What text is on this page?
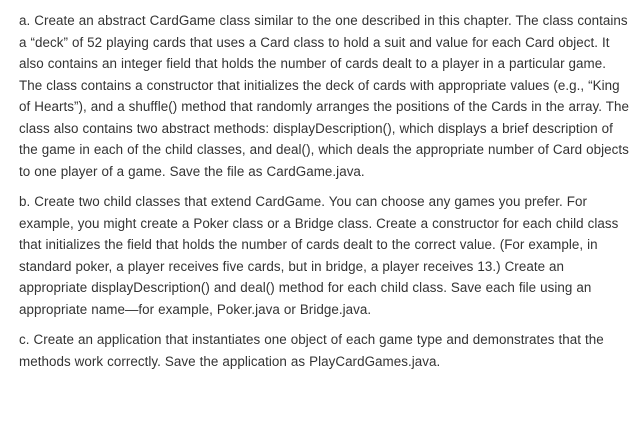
a. Create an abstract CardGame class similar to the one described in this chapter. The class contains a “deck” of 52 playing cards that uses a Card class to hold a suit and value for each Card object. It also contains an integer field that holds the number of cards dealt to a player in a particular game. The class contains a constructor that initializes the deck of cards with appropriate values (e.g., “King of Hearts”), and a shuffle() method that randomly arranges the positions of the Cards in the array. The class also contains two abstract methods: displayDescription(), which displays a brief description of the game in each of the child classes, and deal(), which deals the appropriate number of Card objects to one player of a game. Save the file as CardGame.java.

b. Create two child classes that extend CardGame. You can choose any games you prefer. For example, you might create a Poker class or a Bridge class. Create a constructor for each child class that initializes the field that holds the number of cards dealt to the correct value. (For example, in standard poker, a player receives five cards, but in bridge, a player receives 13.) Create an appropriate displayDescription() and deal() method for each child class. Save each file using an appropriate name—for example, Poker.java or Bridge.java.

c. Create an application that instantiates one object of each game type and demonstrates that the methods work correctly. Save the application as PlayCardGames.java.
